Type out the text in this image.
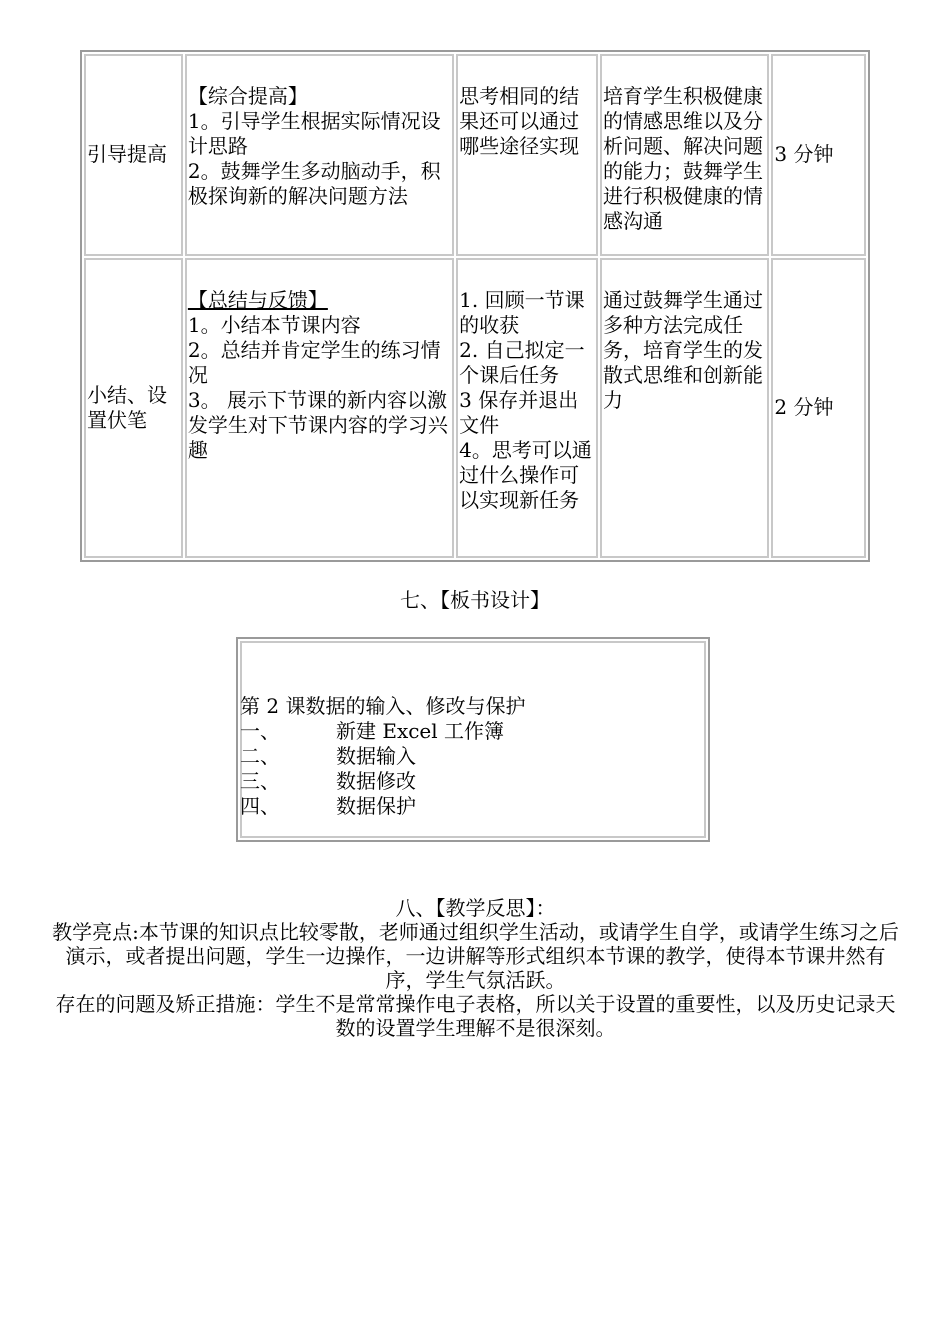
引导提高	【综合提高】
1。引导学生根据实际情况设计思路
2。鼓舞学生多动脑动手，积极探询新的解决问题方法	思考相同的结果还可以通过哪些途径实现	培育学生积极健康的情感思维以及分析问题、解决问题的能力；鼓舞学生进行积极健康的情感沟通	3 分钟
小结、设置伏笔	【总结与反馈】
1。小结本节课内容
2。总结并肯定学生的练习情况
3。 展示下节课的新内容以激发学生对下节课内容的学习兴趣	1. 回顾一节课的收获
2. 自己拟定一个课后任务
3 保存并退出文件
4。思考可以通过什么操作可以实现新任务	通过鼓舞学生通过多种方法完成任务，培育学生的发散式思维和创新能力	2 分钟
七、【板书设计】
第 2 课数据的输入、修改与保护
一、	新建 Excel 工作簿
二、	数据输入
三、	数据修改
四、	数据保护

八、【教学反思】：

教学亮点:本节课的知识点比较零散，老师通过组织学生活动，或请学生自学，或请学生练习之后演示，或者提出问题，学生一边操作，一边讲解等形式组织本节课的教学，使得本节课井然有序，学生气氛活跃。

存在的问题及矫正措施：学生不是常常操作电子表格，所以关于设置的重要性，以及历史记录天数的设置学生理解不是很深刻。
